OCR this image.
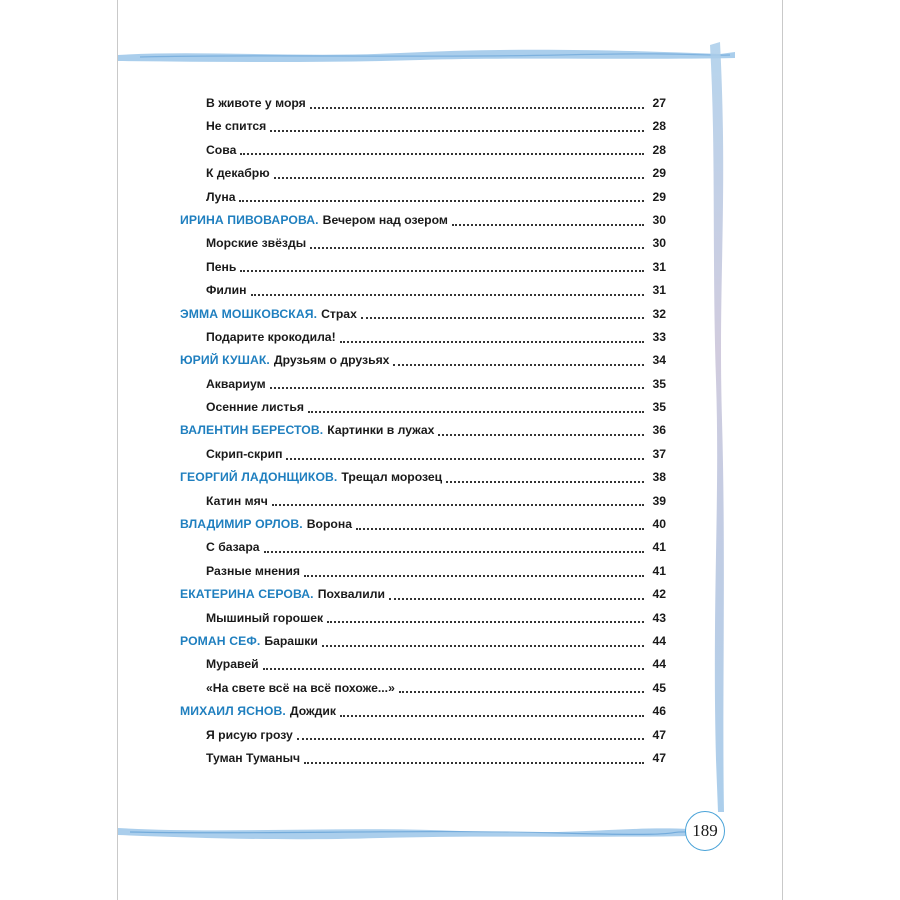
В животе у моря	27
Не спится	28
Сова	28
К декабрю	29
Луна	29
ИРИНА ПИВОВАРОВА. Вечером над озером	30
Морские звёзды	30
Пень	31
Филин	31
ЭММА МОШКОВСКАЯ. Страх	32
Подарите крокодила!	33
ЮРИЙ КУШАК. Друзьям о друзьях	34
Аквариум	35
Осенние листья	35
ВАЛЕНТИН БЕРЕСТОВ. Картинки в лужах	36
Скрип-скрип	37
ГЕОРГИЙ ЛАДОНЩИКОВ. Трещал морозец	38
Катин мяч	39
ВЛАДИМИР ОРЛОВ. Ворона	40
С базара	41
Разные мнения	41
ЕКАТЕРИНА СЕРОВА. Похвалили	42
Мышиный горошек	43
РОМАН СЕФ. Барашки	44
Муравей	44
«На свете всё на всё похоже...»	45
МИХАИЛ ЯСНОВ. Дождик	46
Я рисую грозу	47
Туман Туманыч	47
189
